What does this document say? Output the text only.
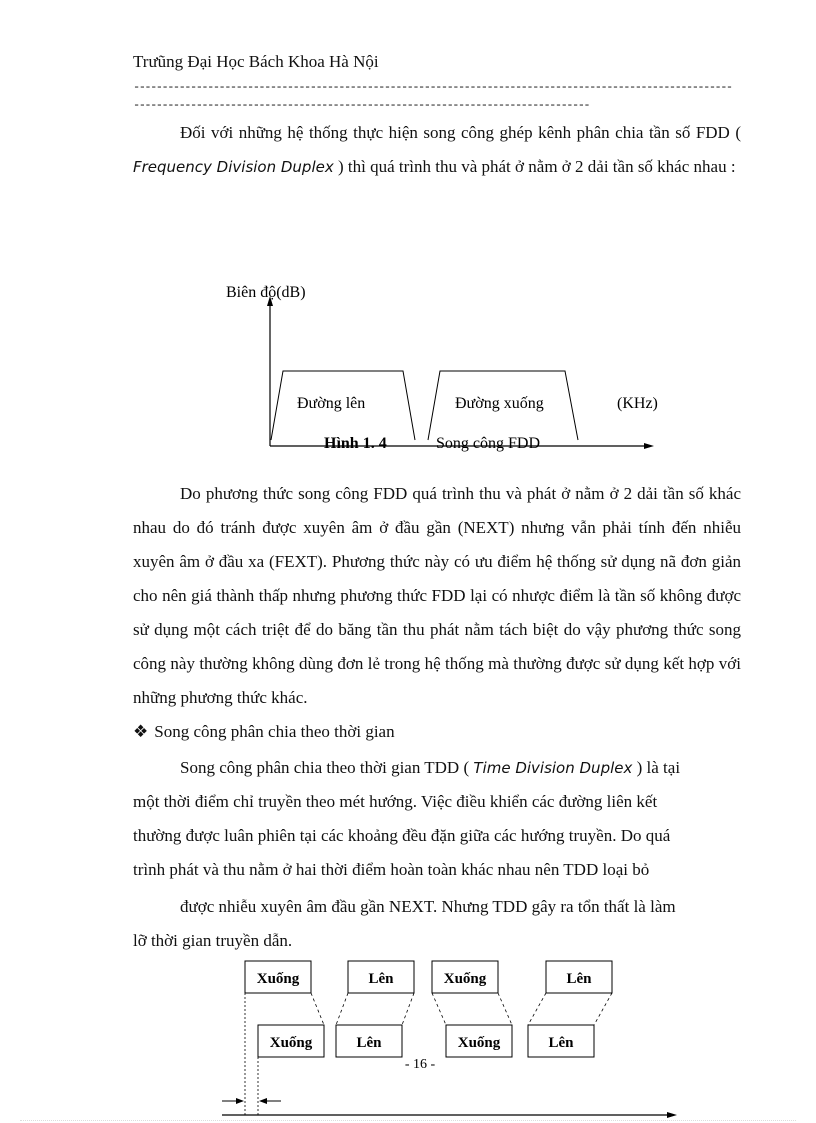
Trưũng Đại Học Bách Khoa Hà Nội
---------------------------------------------------------------------------------------------------------
--------------------------------------------------------------------------------

Đối với những hệ thống thực hiện song công ghép kênh phân chia tần số FDD ( Frequency Division Duplex ) thì quá trình thu và phát ở nằm ở 2 dải tần số khác nhau :

Biên độ(dB)
Đường lên	Đường xuống	(KHz)
Hình 1. 4	Song công FDD

Do phương thức song công FDD quá trình thu và phát ở nằm ở 2 dải tần số khác nhau do đó tránh được xuyên âm ở đầu gần (NEXT) nhưng vẫn phải tính đến nhiễu xuyên âm ở đầu xa (FEXT). Phương thức này có ưu điểm hệ thống sử dụng nã đơn giản cho nên giá thành thấp nhưng phương thức FDD lại có nhược điểm là tần số không được sử dụng một cách triệt để do băng tần thu phát nằm tách biệt do vậy phương thức song công này thường không dùng đơn lẻ trong hệ thống mà thường được sử dụng kết hợp với những phương thức khác.

❖ Song công phân chia theo thời gian

Song công phân chia theo thời gian TDD ( Time Division Duplex ) là tại

một thời điểm chỉ truyền theo mét hướng. Việc điều khiển các đường liên kết

thường được luân phiên tại các khoảng đều đặn giữa các hướng truyền. Do quá

trình phát và thu nằm ở hai thời điểm hoàn toàn khác nhau nên TDD loại bỏ

được nhiễu xuyên âm đầu gần NEXT. Nhưng TDD gây ra tổn thất là làm
lỡ thời gian truyền dẫn.
Xuống	Lên	Xuống	Lên
Xuống	Lên	Xuống	Lên
- 16 -
